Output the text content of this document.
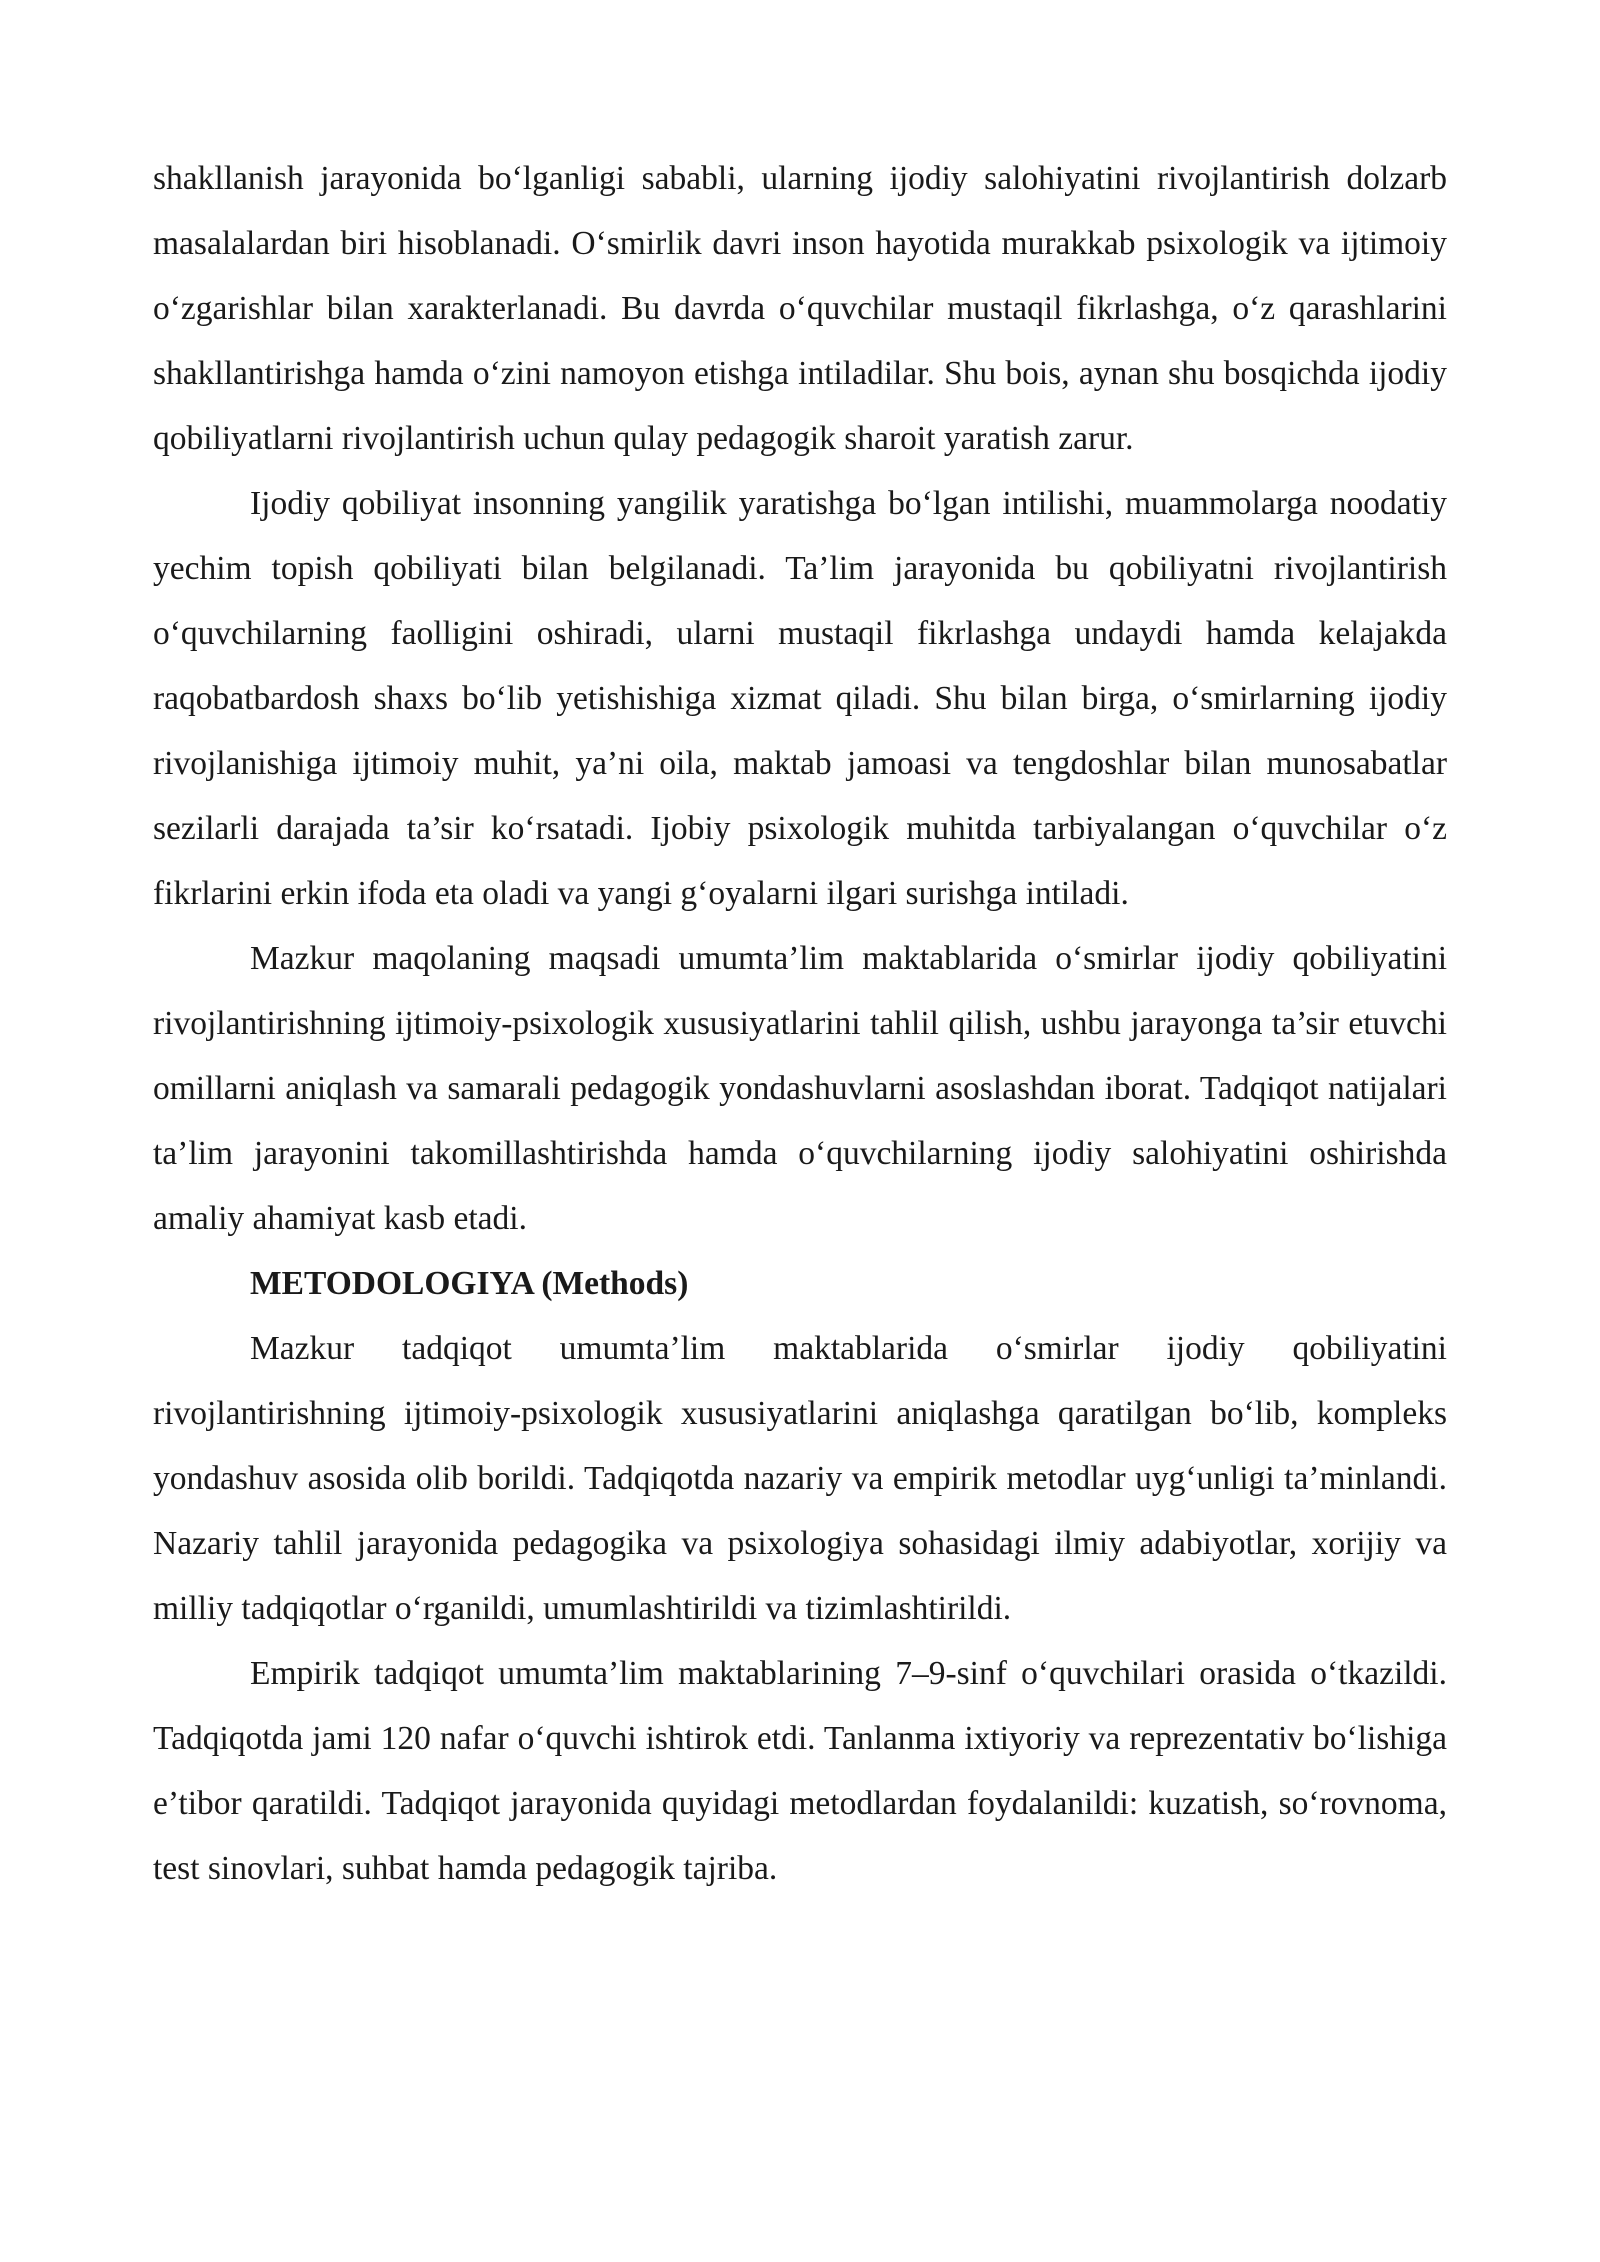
shakllanish jarayonida bo‘lganligi sababli, ularning ijodiy salohiyatini rivojlantirish dolzarb masalalardan biri hisoblanadi. O‘smirlik davri inson hayotida murakkab psixologik va ijtimoiy o‘zgarishlar bilan xarakterlanadi. Bu davrda o‘quvchilar mustaqil fikrlashga, o‘z qarashlarini shakllantirishga hamda o‘zini namoyon etishga intiladilar. Shu bois, aynan shu bosqichda ijodiy qobiliyatlarni rivojlantirish uchun qulay pedagogik sharoit yaratish zarur.

Ijodiy qobiliyat insonning yangilik yaratishga bo‘lgan intilishi, muammolarga noodatiy yechim topish qobiliyati bilan belgilanadi. Ta’lim jarayonida bu qobiliyatni rivojlantirish o‘quvchilarning faolligini oshiradi, ularni mustaqil fikrlashga undaydi hamda kelajakda raqobatbardosh shaxs bo‘lib yetishishiga xizmat qiladi. Shu bilan birga, o‘smirlarning ijodiy rivojlanishiga ijtimoiy muhit, ya’ni oila, maktab jamoasi va tengdoshlar bilan munosabatlar sezilarli darajada ta’sir ko‘rsatadi. Ijobiy psixologik muhitda tarbiyalangan o‘quvchilar o‘z fikrlarini erkin ifoda eta oladi va yangi g‘oyalarni ilgari surishga intiladi.

Mazkur maqolaning maqsadi umumta’lim maktablarida o‘smirlar ijodiy qobiliyatini rivojlantirishning ijtimoiy-psixologik xususiyatlarini tahlil qilish, ushbu jarayonga ta’sir etuvchi omillarni aniqlash va samarali pedagogik yondashuvlarni asoslashdan iborat. Tadqiqot natijalari ta’lim jarayonini takomillashtirishda hamda o‘quvchilarning ijodiy salohiyatini oshirishda amaliy ahamiyat kasb etadi.

METODOLOGIYA (Methods)

Mazkur tadqiqot umumta’lim maktablarida o‘smirlar ijodiy qobiliyatini rivojlantirishning ijtimoiy-psixologik xususiyatlarini aniqlashga qaratilgan bo‘lib, kompleks yondashuv asosida olib borildi. Tadqiqotda nazariy va empirik metodlar uyg‘unligi ta’minlandi. Nazariy tahlil jarayonida pedagogika va psixologiya sohasidagi ilmiy adabiyotlar, xorijiy va milliy tadqiqotlar o‘rganildi, umumlashtirildi va tizimlashtirildi.

Empirik tadqiqot umumta’lim maktablarining 7–9-sinf o‘quvchilari orasida o‘tkazildi. Tadqiqotda jami 120 nafar o‘quvchi ishtirok etdi. Tanlanma ixtiyoriy va reprezentativ bo‘lishiga e’tibor qaratildi. Tadqiqot jarayonida quyidagi metodlardan foydalanildi: kuzatish, so‘rovnoma, test sinovlari, suhbat hamda pedagogik tajriba.
